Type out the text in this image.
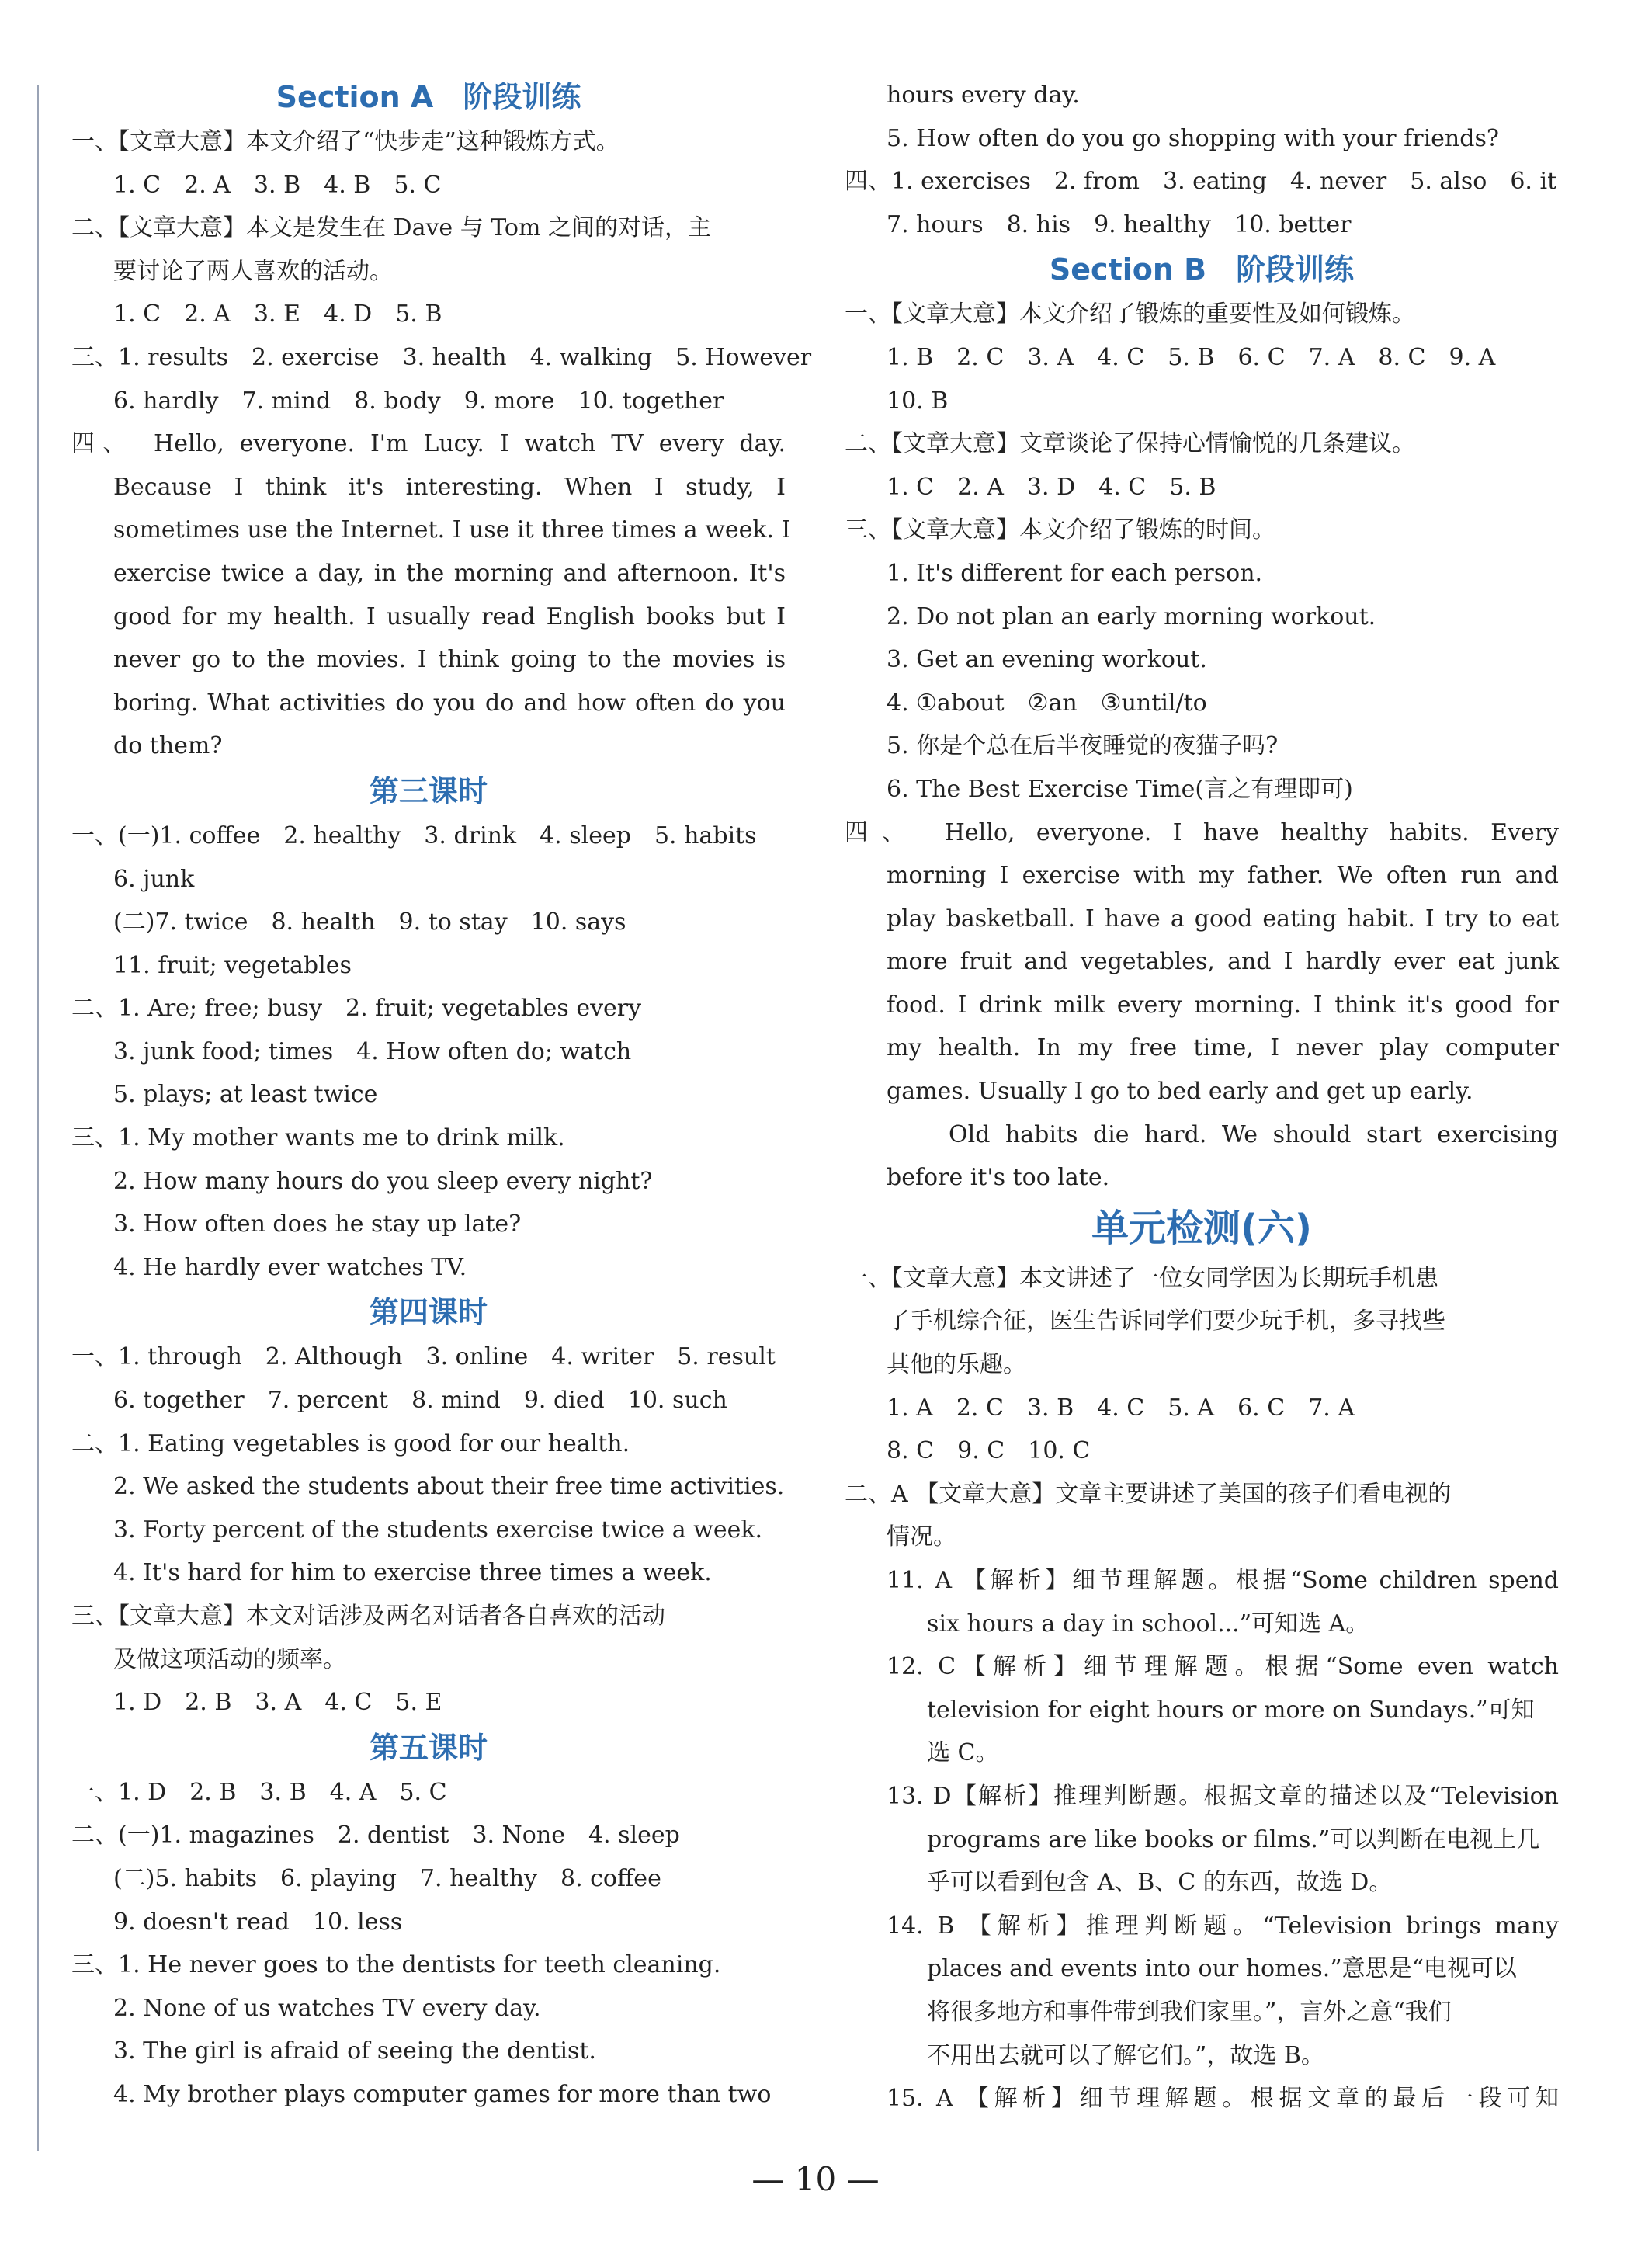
Section A　阶段训练
一、【文章大意】本文介绍了“快步走”这种锻炼方式。
1. C　2. A　3. B　4. B　5. C
二、【文章大意】本文是发生在 Dave 与 Tom 之间的对话，主
要讨论了两人喜欢的活动。
1. C　2. A　3. E　4. D　5. B
三、1. results　2. exercise　3. health　4. walking　5. However
6. hardly　7. mind　8. body　9. more　10. together
四、　Hello, everyone. I'm Lucy. I watch TV every day.
Because I think it's interesting. When I study, I
sometimes use the Internet. I use it three times a week. I
exercise twice a day, in the morning and afternoon. It's
good for my health. I usually read English books but I
never go to the movies. I think going to the movies is
boring. What activities do you do and how often do you
do them?
第三课时
一、(一)1. coffee　2. healthy　3. drink　4. sleep　5. habits
6. junk
(二)7. twice　8. health　9. to stay　10. says
11. fruit; vegetables
二、1. Are; free; busy　2. fruit; vegetables every
3. junk food; times　4. How often do; watch
5. plays; at least twice
三、1. My mother wants me to drink milk.
2. How many hours do you sleep every night?
3. How often does he stay up late?
4. He hardly ever watches TV.
第四课时
一、1. through　2. Although　3. online　4. writer　5. result
6. together　7. percent　8. mind　9. died　10. such
二、1. Eating vegetables is good for our health.
2. We asked the students about their free time activities.
3. Forty percent of the students exercise twice a week.
4. It's hard for him to exercise three times a week.
三、【文章大意】本文对话涉及两名对话者各自喜欢的活动
及做这项活动的频率。
1. D　2. B　3. A　4. C　5. E
第五课时
一、1. D　2. B　3. B　4. A　5. C
二、(一)1. magazines　2. dentist　3. None　4. sleep
(二)5. habits　6. playing　7. healthy　8. coffee
9. doesn't read　10. less
三、1. He never goes to the dentists for teeth cleaning.
2. None of us watches TV every day.
3. The girl is afraid of seeing the dentist.
4. My brother plays computer games for more than two
hours every day.
5. How often do you go shopping with your friends?
四、1. exercises　2. from　3. eating　4. never　5. also　6. it
7. hours　8. his　9. healthy　10. better
Section B　阶段训练
一、【文章大意】本文介绍了锻炼的重要性及如何锻炼。
1. B　2. C　3. A　4. C　5. B　6. C　7. A　8. C　9. A
10. B
二、【文章大意】文章谈论了保持心情愉悦的几条建议。
1. C　2. A　3. D　4. C　5. B
三、【文章大意】本文介绍了锻炼的时间。
1. It's different for each person.
2. Do not plan an early morning workout.
3. Get an evening workout.
4. ①about　②an　③until/to
5. 你是个总在后半夜睡觉的夜猫子吗?
6. The Best Exercise Time(言之有理即可)
四、　Hello, everyone. I have healthy habits. Every
morning I exercise with my father. We often run and
play basketball. I have a good eating habit. I try to eat
more fruit and vegetables, and I hardly ever eat junk
food. I drink milk every morning. I think it's good for
my health. In my free time, I never play computer
games. Usually I go to bed early and get up early.
　　Old habits die hard. We should start exercising
before it's too late.
单元检测(六)
一、【文章大意】本文讲述了一位女同学因为长期玩手机患
了手机综合征，医生告诉同学们要少玩手机，多寻找些
其他的乐趣。
1. A　2. C　3. B　4. C　5. A　6. C　7. A
8. C　9. C　10. C
二、A 【文章大意】文章主要讲述了美国的孩子们看电视的
情况。
11. A 【解析】细节理解题。根据“Some children spend
six hours a day in school...”可知选 A。
12. C【解析】细节理解题。根据“Some even watch
television for eight hours or more on Sundays.”可知
选 C。
13. D【解析】推理判断题。根据文章的描述以及“Television
programs are like books or films.”可以判断在电视上几
乎可以看到包含 A、B、C 的东西，故选 D。
14. B 【解析】推理判断题。“Television brings many
places and events into our homes.”意思是“电视可以
将很多地方和事件带到我们家里。”，言外之意“我们
不用出去就可以了解它们。”，故选 B。
15. A 【解析】细节理解题。根据文章的最后一段可知
— 10 —
